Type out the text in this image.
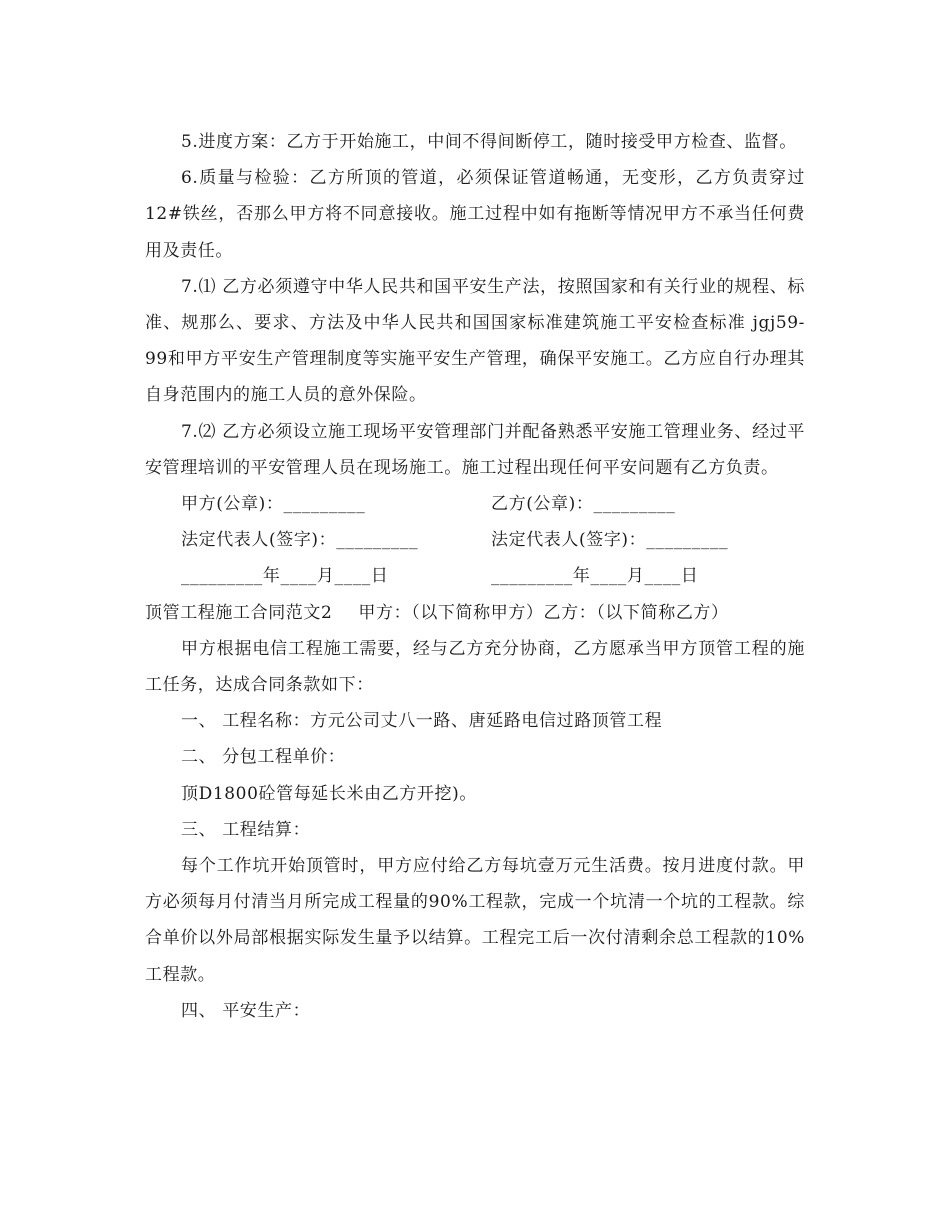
5.进度方案：乙方于开始施工，中间不得间断停工，随时接受甲方检查、监督。

6.质量与检验：乙方所顶的管道，必须保证管道畅通，无变形，乙方负责穿过12#铁丝，否那么甲方将不同意接收。施工过程中如有拖断等情况甲方不承当任何费用及责任。

7.⑴ 乙方必须遵守中华人民共和国平安生产法，按照国家和有关行业的规程、标准、规那么、要求、方法及中华人民共和国国家标准建筑施工平安检查标准 jgj59-99和甲方平安生产管理制度等实施平安生产管理，确保平安施工。乙方应自行办理其自身范围内的施工人员的意外保险。

7.⑵ 乙方必须设立施工现场平安管理部门并配备熟悉平安施工管理业务、经过平安管理培训的平安管理人员在现场施工。施工过程出现任何平安问题有乙方负责。

甲方(公章)：_________	乙方(公章)：_________
法定代表人(签字)：_________	法定代表人(签字)：_________
_________年____月____日	_________年____月____日

顶管工程施工合同范文2 甲方：（以下简称甲方）乙方：（以下简称乙方）

甲方根据电信工程施工需要，经与乙方充分协商，乙方愿承当甲方顶管工程的施工任务，达成合同条款如下：

一、 工程名称：方元公司丈八一路、唐延路电信过路顶管工程

二、 分包工程单价：

顶D1800砼管每延长米由乙方开挖)。

三、 工程结算：

每个工作坑开始顶管时，甲方应付给乙方每坑壹万元生活费。按月进度付款。甲方必须每月付清当月所完成工程量的90%工程款，完成一个坑清一个坑的工程款。综合单价以外局部根据实际发生量予以结算。工程完工后一次付清剩余总工程款的10%工程款。

四、 平安生产：
